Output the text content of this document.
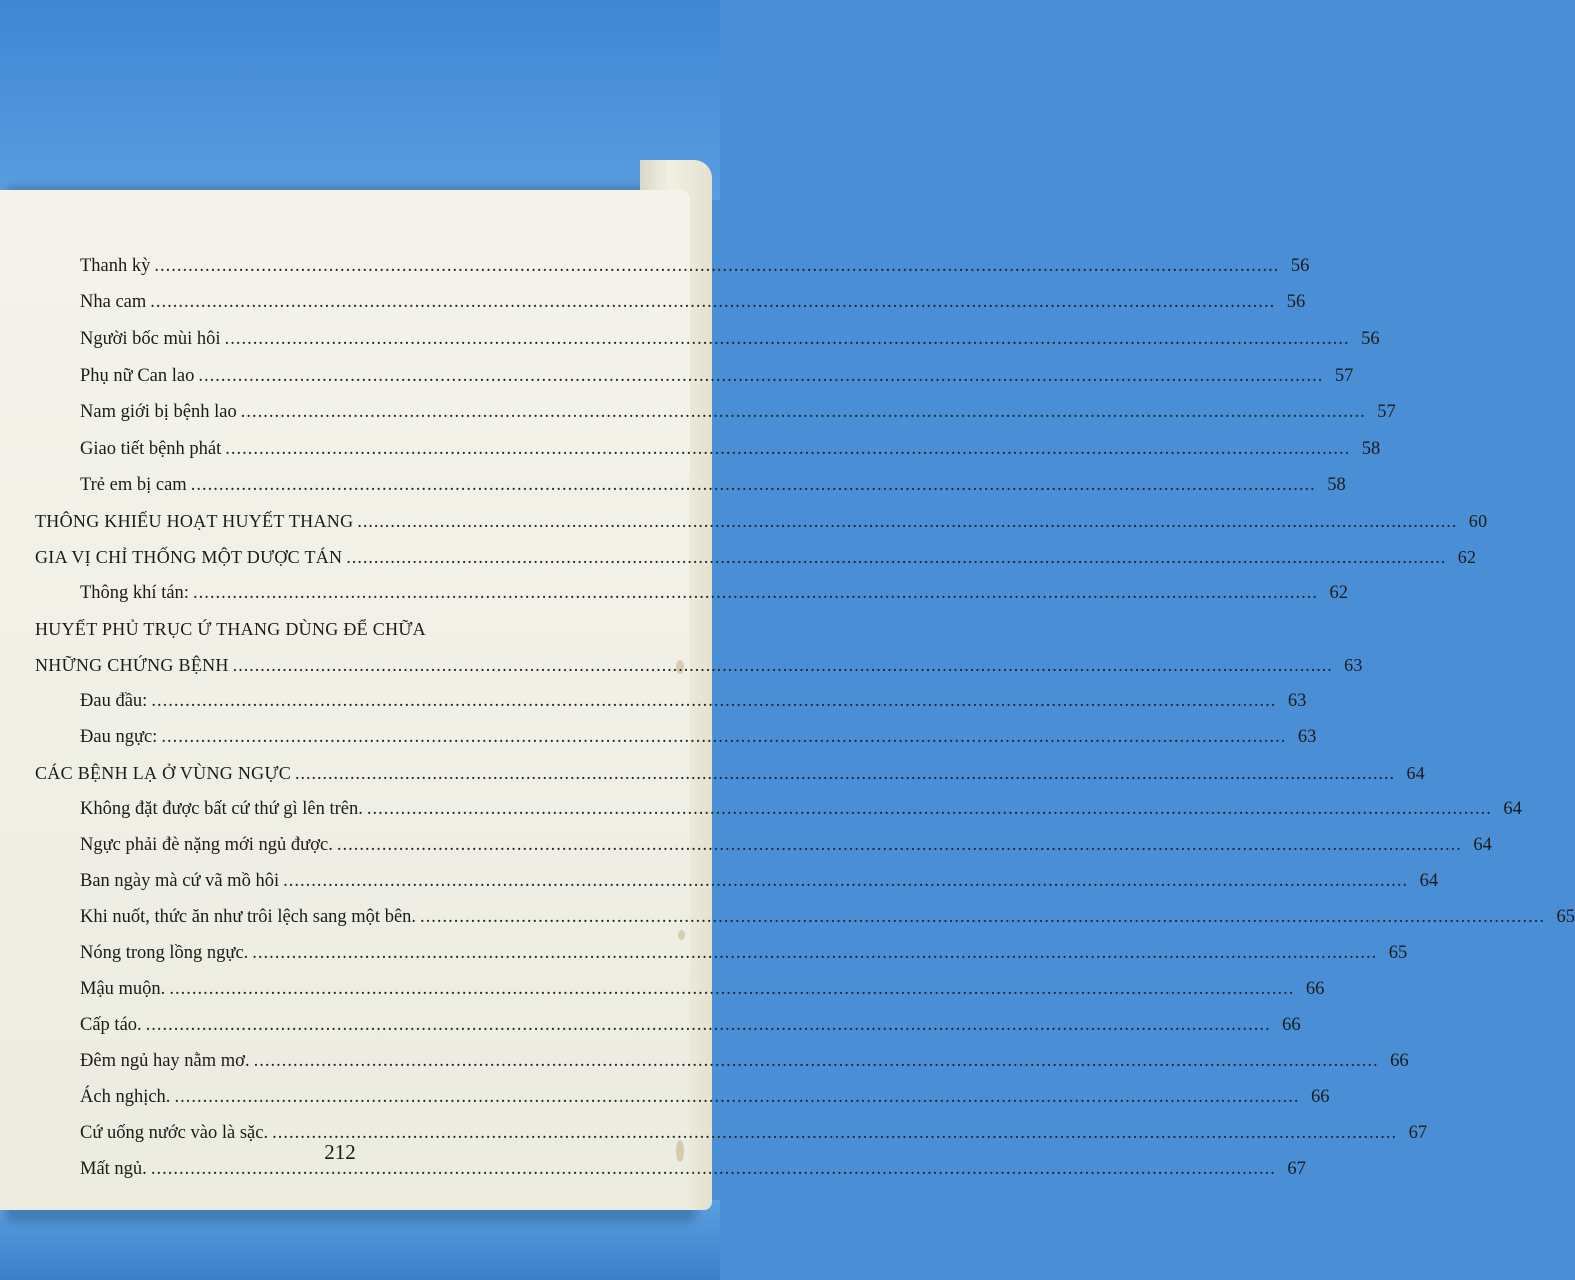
Thanh kỳ ........................................................................................................................................................................................................ 56
Nha cam ........................................................................................................................................................................................................ 56
Người bốc mùi hôi ........................................................................................................................................................................................................ 56
Phụ nữ Can lao ........................................................................................................................................................................................................ 57
Nam giới bị bệnh lao ........................................................................................................................................................................................................ 57
Giao tiết bệnh phát ........................................................................................................................................................................................................ 58
Trẻ em bị cam ........................................................................................................................................................................................................ 58
THÔNG KHIẾU HOẠT HUYẾT THANG ........................................................................................................................................................................................................ 60
GIA VỊ CHỈ THỐNG MỘT DƯỢC TÁN ........................................................................................................................................................................................................ 62
Thông khí tán: ........................................................................................................................................................................................................ 62
HUYẾT PHỦ TRỤC Ứ THANG DÙNG ĐỂ CHỮA
NHỮNG CHỨNG BỆNH ........................................................................................................................................................................................................ 63
Đau đầu: ........................................................................................................................................................................................................ 63
Đau ngực: ........................................................................................................................................................................................................ 63
CÁC BỆNH LẠ Ở VÙNG NGỰC ........................................................................................................................................................................................................ 64
Không đặt được bất cứ thứ gì lên trên. ........................................................................................................................................................................................................ 64
Ngực phải đè nặng mới ngủ được. ........................................................................................................................................................................................................ 64
Ban ngày mà cứ vã mồ hôi ........................................................................................................................................................................................................ 64
Khi nuốt, thức ăn như trôi lệch sang một bên. ........................................................................................................................................................................................................ 65
Nóng trong lồng ngực. ........................................................................................................................................................................................................ 65
Mậu muộn. ........................................................................................................................................................................................................ 66
Cấp táo. ........................................................................................................................................................................................................ 66
Đêm ngủ hay nằm mơ. ........................................................................................................................................................................................................ 66
Ách nghịch. ........................................................................................................................................................................................................ 66
Cứ uống nước vào là sặc. ........................................................................................................................................................................................................ 67
Mất ngủ. ........................................................................................................................................................................................................ 67
212
